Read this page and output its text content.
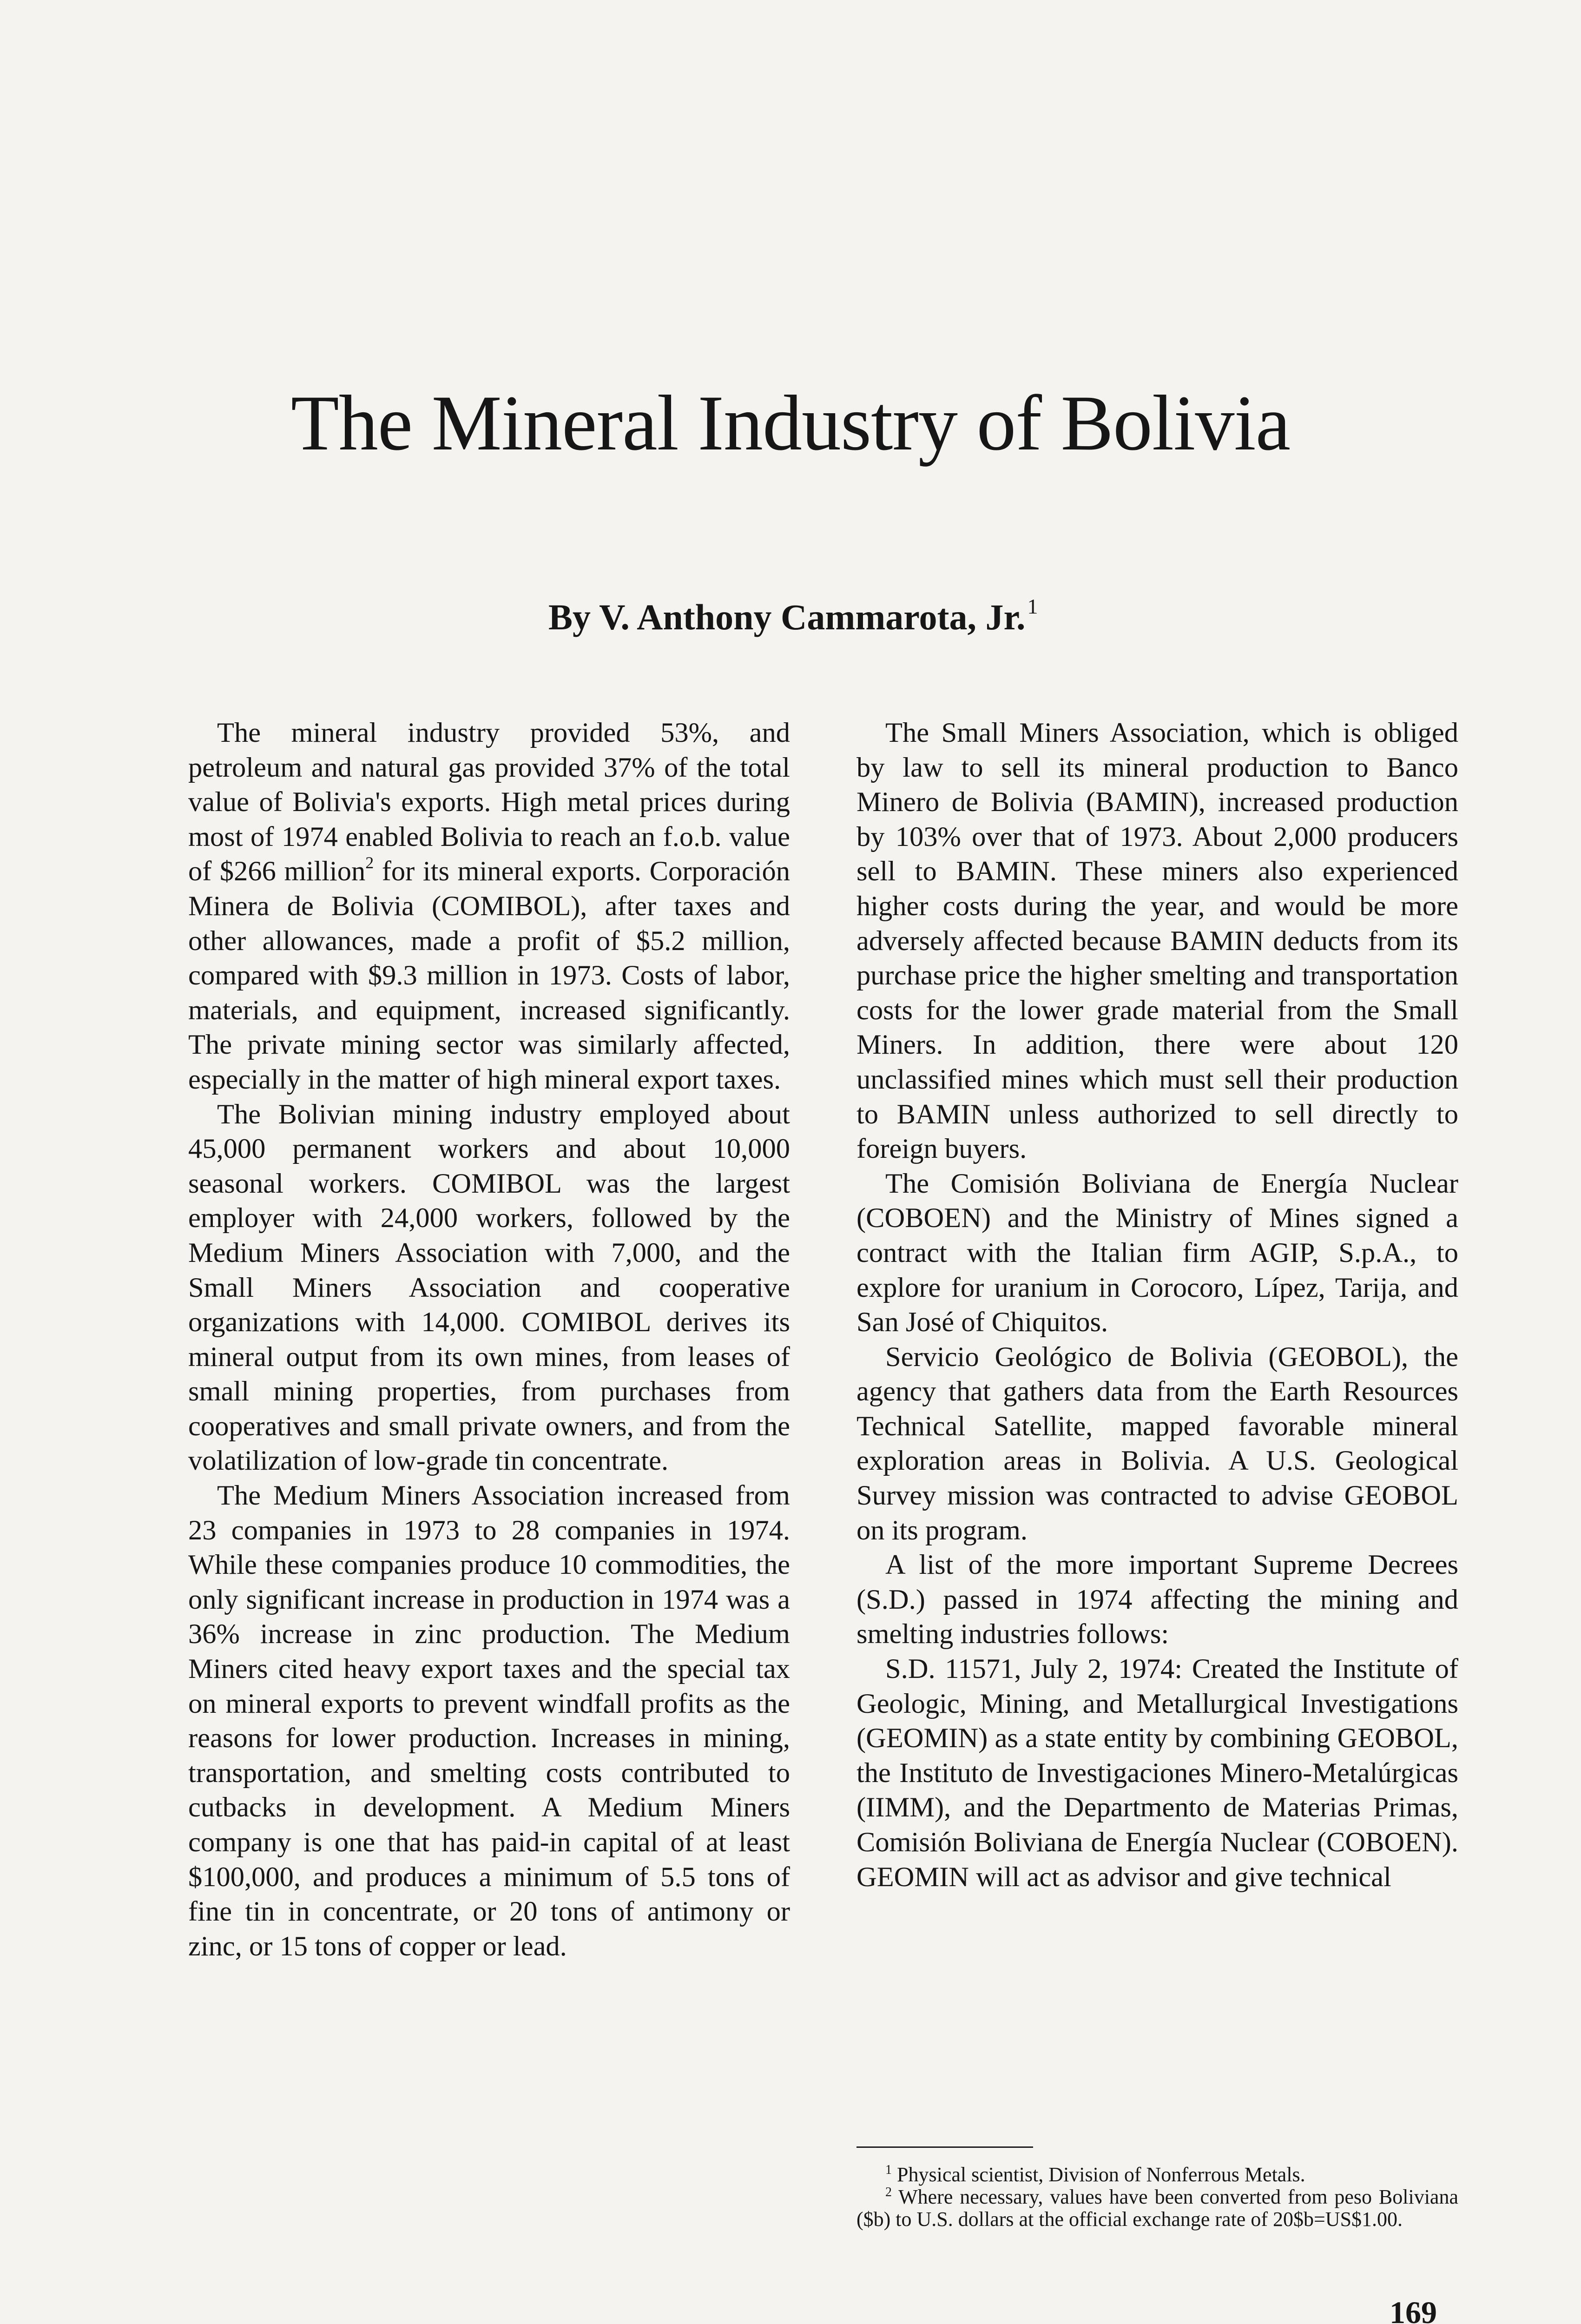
The Mineral Industry of Bolivia
By V. Anthony Cammarota, Jr.$^1$

The mineral industry provided 53%, and petroleum and natural gas provided 37% of the total value of Bolivia's exports. High metal prices during most of 1974 enabled Bolivia to reach an f.o.b. value of $266 million$^2$ for its mineral exports. Corporación Minera de Bolivia (COMIBOL), after taxes and other allowances, made a profit of $5.2 million, compared with $9.3 million in 1973. Costs of labor, materials, and equipment, increased significantly. The private mining sector was similarly affected, especially in the matter of high mineral export taxes.

The Bolivian mining industry employed about 45,000 permanent workers and about 10,000 seasonal workers. COMIBOL was the largest employer with 24,000 workers, followed by the Medium Miners Association with 7,000, and the Small Miners Association and cooperative organizations with 14,000. COMIBOL derives its mineral output from its own mines, from leases of small mining properties, from purchases from cooperatives and small private owners, and from the volatilization of low-grade tin concentrate.

The Medium Miners Association increased from 23 companies in 1973 to 28 companies in 1974. While these companies produce 10 commodities, the only significant increase in production in 1974 was a 36% increase in zinc production. The Medium Miners cited heavy export taxes and the special tax on mineral exports to prevent windfall profits as the reasons for lower production. Increases in mining, transportation, and smelting costs contributed to cutbacks in development. A Medium Miners company is one that has paid-in capital of at least $100,000, and produces a minimum of 5.5 tons of fine tin in concentrate, or 20 tons of antimony or zinc, or 15 tons of copper or lead.

The Small Miners Association, which is obliged by law to sell its mineral production to Banco Minero de Bolivia (BAMIN), increased production by 103% over that of 1973. About 2,000 producers sell to BAMIN. These miners also experienced higher costs during the year, and would be more adversely affected because BAMIN deducts from its purchase price the higher smelting and transportation costs for the lower grade material from the Small Miners. In addition, there were about 120 unclassified mines which must sell their production to BAMIN unless authorized to sell directly to foreign buyers.

The Comisión Boliviana de Energía Nuclear (COBOEN) and the Ministry of Mines signed a contract with the Italian firm AGIP, S.p.A., to explore for uranium in Corocoro, Lípez, Tarija, and San José of Chiquitos.

Servicio Geológico de Bolivia (GEOBOL), the agency that gathers data from the Earth Resources Technical Satellite, mapped favorable mineral exploration areas in Bolivia. A U.S. Geological Survey mission was contracted to advise GEOBOL on its program.

A list of the more important Supreme Decrees (S.D.) passed in 1974 affecting the mining and smelting industries follows:

S.D. 11571, July 2, 1974: Created the Institute of Geologic, Mining, and Metallurgical Investigations (GEOMIN) as a state entity by combining GEOBOL, the Instituto de Investigaciones Minero-Metalúrgicas (IIMM), and the Departmento de Materias Primas, Comisión Boliviana de Energía Nuclear (COBOEN). GEOMIN will act as advisor and give technical

$^1$ Physical scientist, Division of Nonferrous Metals.

$^2$ Where necessary, values have been converted from peso Boliviana ($b) to U.S. dollars at the official exchange rate of 20$b=US$1.00.

169
